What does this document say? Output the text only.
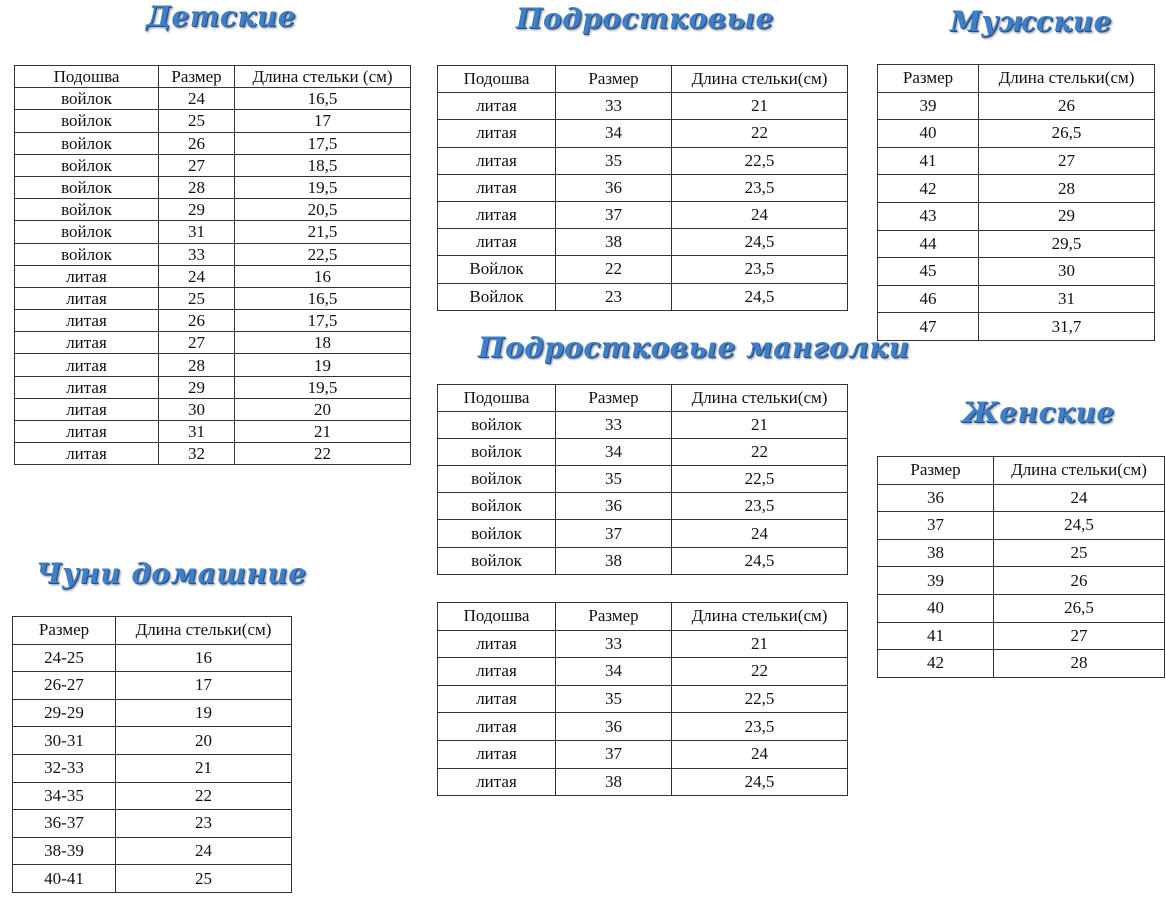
Детские	Подростковые	Мужские
Подростковые манголки
Женские
Чуни домашние
Подошва	Размер	Длина стельки (см)
войлок	24	16,5
войлок	25	17
войлок	26	17,5
войлок	27	18,5
войлок	28	19,5
войлок	29	20,5
войлок	31	21,5
войлок	33	22,5
литая	24	16
литая	25	16,5
литая	26	17,5
литая	27	18
литая	28	19
литая	29	19,5
литая	30	20
литая	31	21
литая	32	22
Подошва	Размер	Длина стельки(см)
литая	33	21
литая	34	22
литая	35	22,5
литая	36	23,5
литая	37	24
литая	38	24,5
Войлок	22	23,5
Войлок	23	24,5
Размер	Длина стельки(см)
39	26
40	26,5
41	27
42	28
43	29
44	29,5
45	30
46	31
47	31,7
Подошва	Размер	Длина стельки(см)
войлок	33	21
войлок	34	22
войлок	35	22,5
войлок	36	23,5
войлок	37	24
войлок	38	24,5
Подошва	Размер	Длина стельки(см)
литая	33	21
литая	34	22
литая	35	22,5
литая	36	23,5
литая	37	24
литая	38	24,5
Размер	Длина стельки(см)
36	24
37	24,5
38	25
39	26
40	26,5
41	27
42	28
Размер	Длина стельки(см)
24-25	16
26-27	17
29-29	19
30-31	20
32-33	21
34-35	22
36-37	23
38-39	24
40-41	25
